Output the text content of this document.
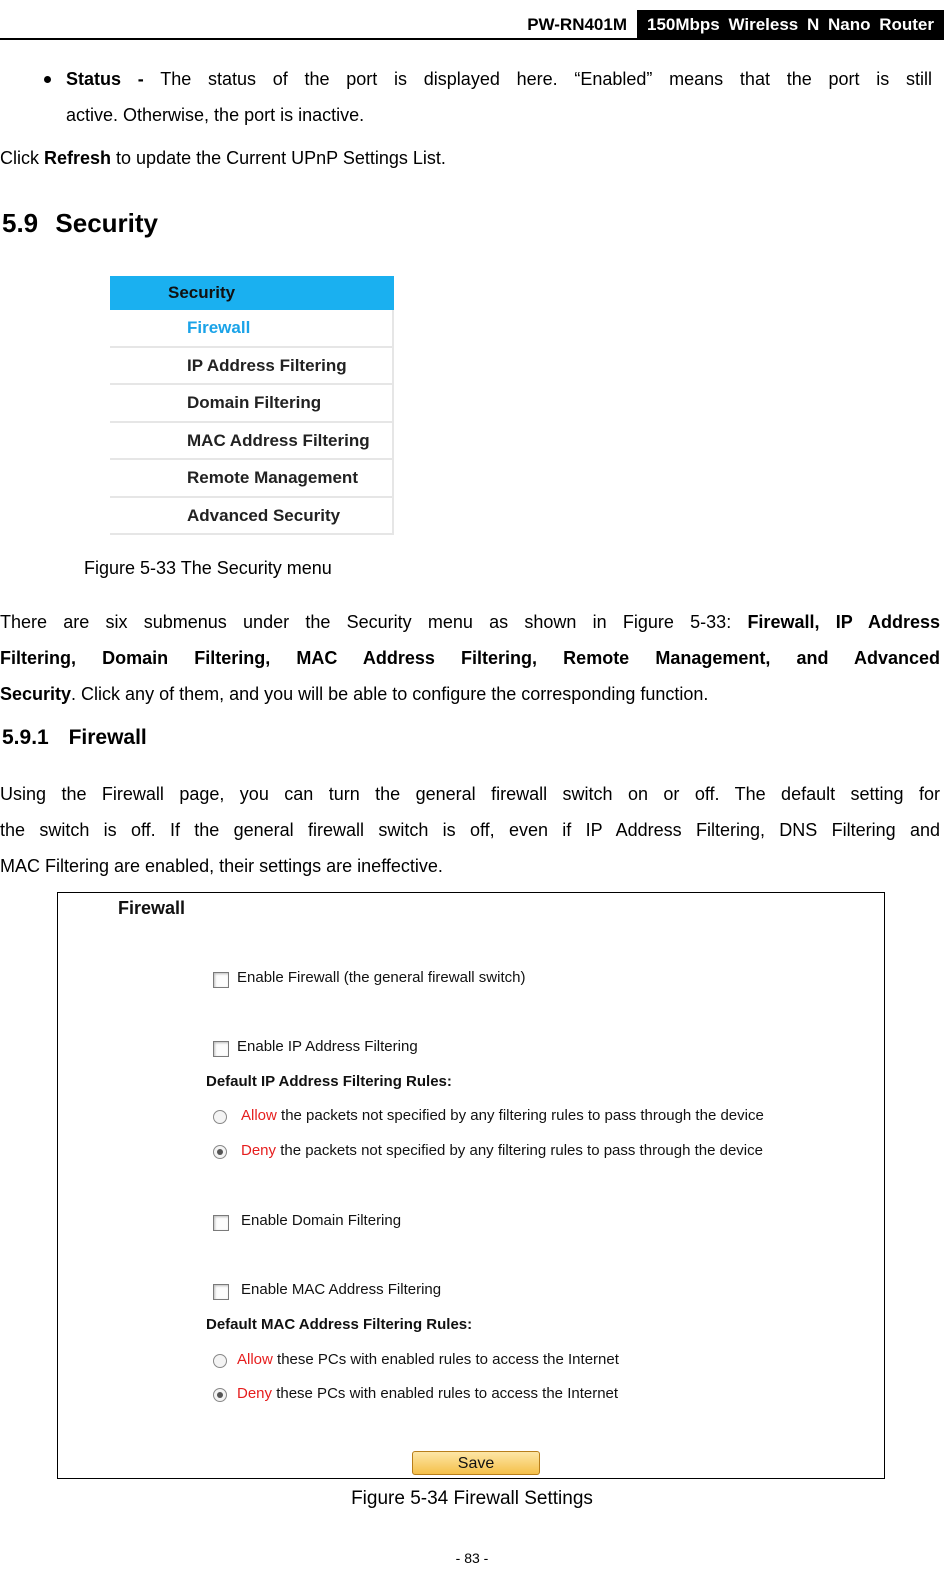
PW-RN401M	150Mbps Wireless N Nano Router
Status - The status of the port is displayed here. “Enabled” means that the port is still
active. Otherwise, the port is inactive.
Click Refresh to update the Current UPnP Settings List.
5.9 Security
Security
Firewall
IP Address Filtering
Domain Filtering
MAC Address Filtering
Remote Management
Advanced Security
Figure 5-33 The Security menu
There are six submenus under the Security menu as shown in Figure 5-33: Firewall, IP Address
Filtering, Domain Filtering, MAC Address Filtering, Remote Management, and Advanced
Security. Click any of them, and you will be able to configure the corresponding function.
5.9.1 Firewall
Using the Firewall page, you can turn the general firewall switch on or off. The default setting for
the switch is off. If the general firewall switch is off, even if IP Address Filtering, DNS Filtering and
MAC Filtering are enabled, their settings are ineffective.
Firewall
Enable Firewall (the general firewall switch)
Enable IP Address Filtering
Default IP Address Filtering Rules:
Allow the packets not specified by any filtering rules to pass through the device
Deny the packets not specified by any filtering rules to pass through the device
Enable Domain Filtering
Enable MAC Address Filtering
Default MAC Address Filtering Rules:
Allow these PCs with enabled rules to access the Internet
Deny these PCs with enabled rules to access the Internet
Save
Figure 5-34 Firewall Settings
- 83 -
